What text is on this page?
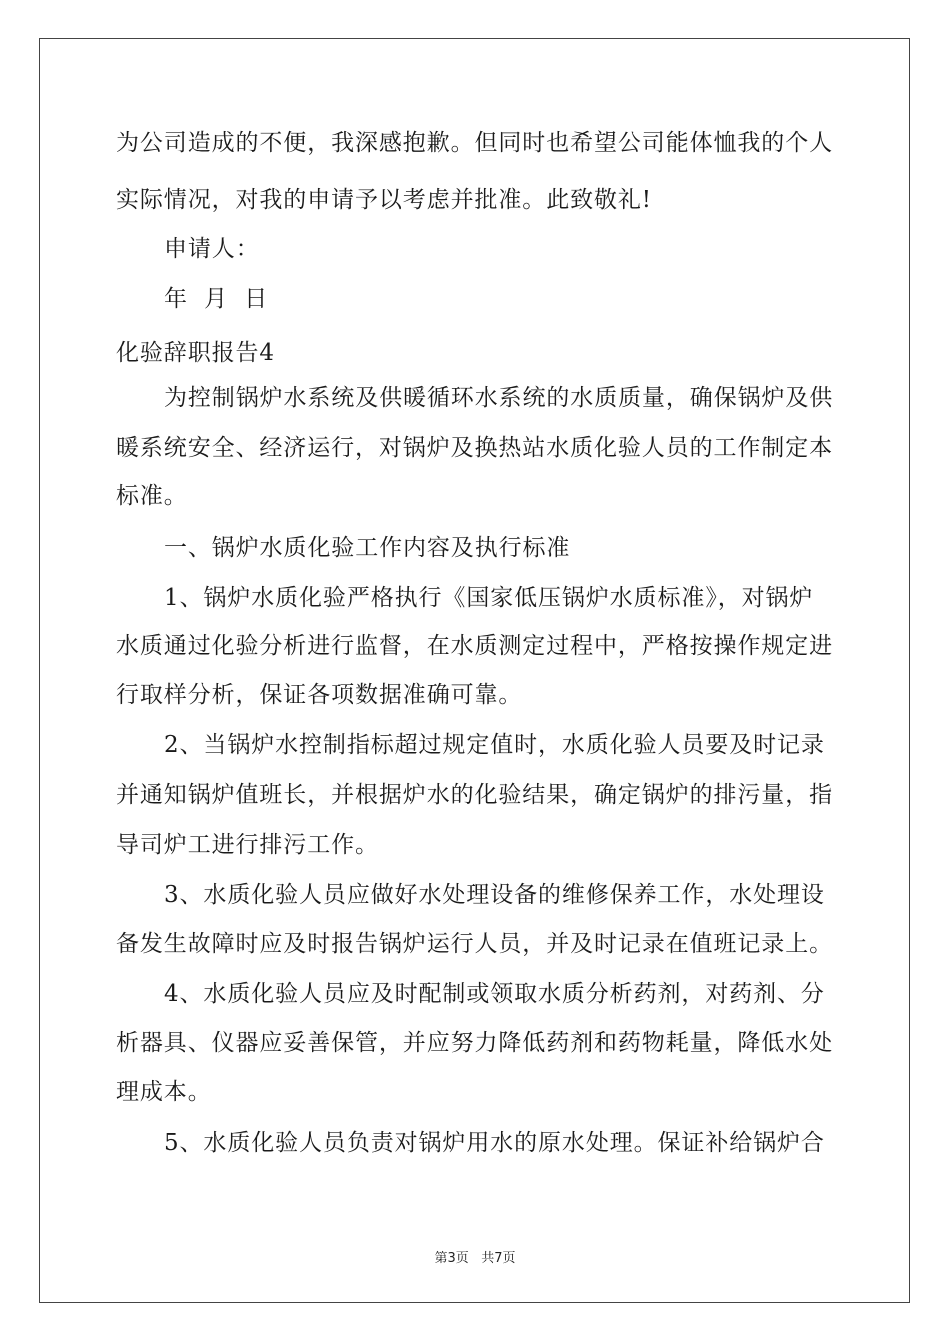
为公司造成的不便，我深感抱歉。但同时也希望公司能体恤我的个人
实际情况，对我的申请予以考虑并批准。此致敬礼!
申请人：
年 月 日
化验辞职报告4
为控制锅炉水系统及供暖循环水系统的水质质量，确保锅炉及供
暖系统安全、经济运行，对锅炉及换热站水质化验人员的工作制定本
标准。
一、锅炉水质化验工作内容及执行标准
1、锅炉水质化验严格执行《国家低压锅炉水质标准》，对锅炉
水质通过化验分析进行监督，在水质测定过程中，严格按操作规定进
行取样分析，保证各项数据准确可靠。
2、当锅炉水控制指标超过规定值时，水质化验人员要及时记录
并通知锅炉值班长，并根据炉水的化验结果，确定锅炉的排污量，指
导司炉工进行排污工作。
3、水质化验人员应做好水处理设备的维修保养工作，水处理设
备发生故障时应及时报告锅炉运行人员，并及时记录在值班记录上。
4、水质化验人员应及时配制或领取水质分析药剂，对药剂、分
析器具、仪器应妥善保管，并应努力降低药剂和药物耗量，降低水处
理成本。
5、水质化验人员负责对锅炉用水的原水处理。保证补给锅炉合
第3页 共7页
